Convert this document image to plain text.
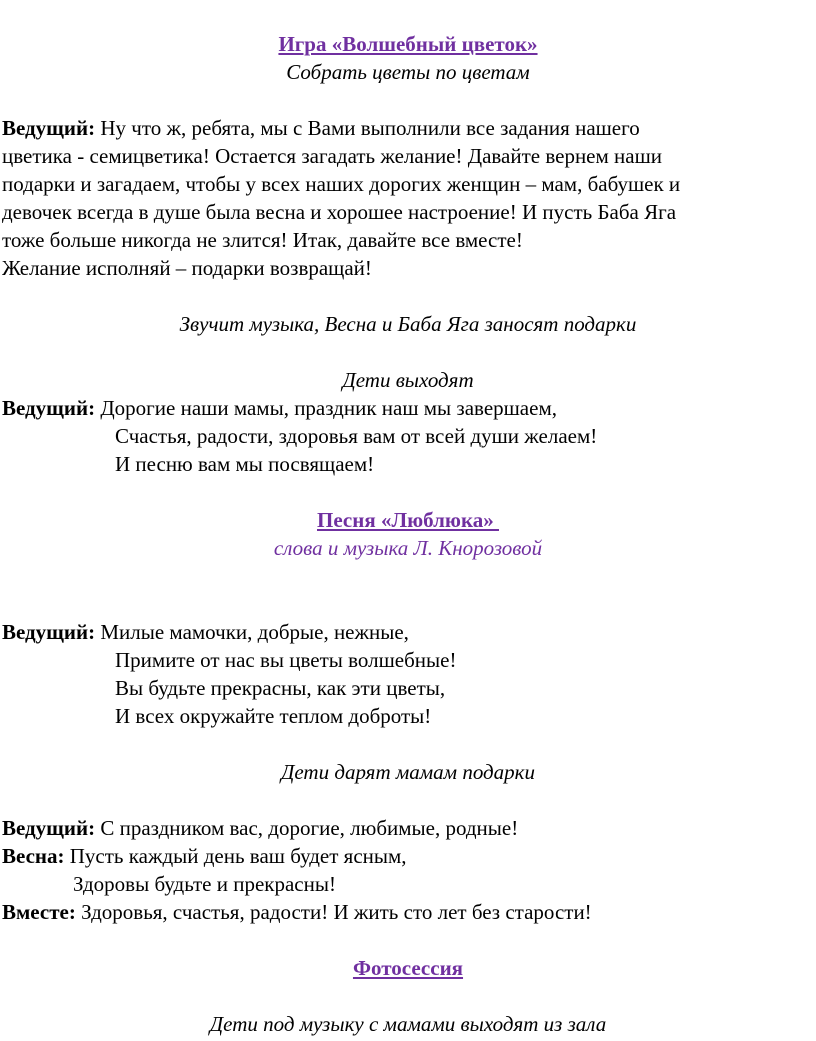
Игра «Волшебный цветок»
Собрать цветы по цветам
Ведущий: Ну что ж, ребята, мы с Вами выполнили все задания нашего
цветика - семицветика! Остается загадать желание! Давайте вернем наши
подарки и загадаем, чтобы у всех наших дорогих женщин – мам, бабушек и
девочек всегда в душе была весна и хорошее настроение! И пусть Баба Яга
тоже больше никогда не злится! Итак, давайте все вместе!
Желание исполняй – подарки возвращай!
Звучит музыка, Весна и Баба Яга заносят подарки
Дети выходят
Ведущий: Дорогие наши мамы, праздник наш мы завершаем,
Счастья, радости, здоровья вам от всей души желаем!
И песню вам мы посвящаем!
Песня «Люблюка»
слова и музыка Л. Кнорозовой
Ведущий: Милые мамочки, добрые, нежные,
Примите от нас вы цветы волшебные!
Вы будьте прекрасны, как эти цветы,
И всех окружайте теплом доброты!
Дети дарят мамам подарки
Ведущий: С праздником вас, дорогие, любимые, родные!
Весна: Пусть каждый день ваш будет ясным,
Здоровы будьте и прекрасны!
Вместе: Здоровья, счастья, радости! И жить сто лет без старости!
Фотосессия
Дети под музыку с мамами выходят из зала
